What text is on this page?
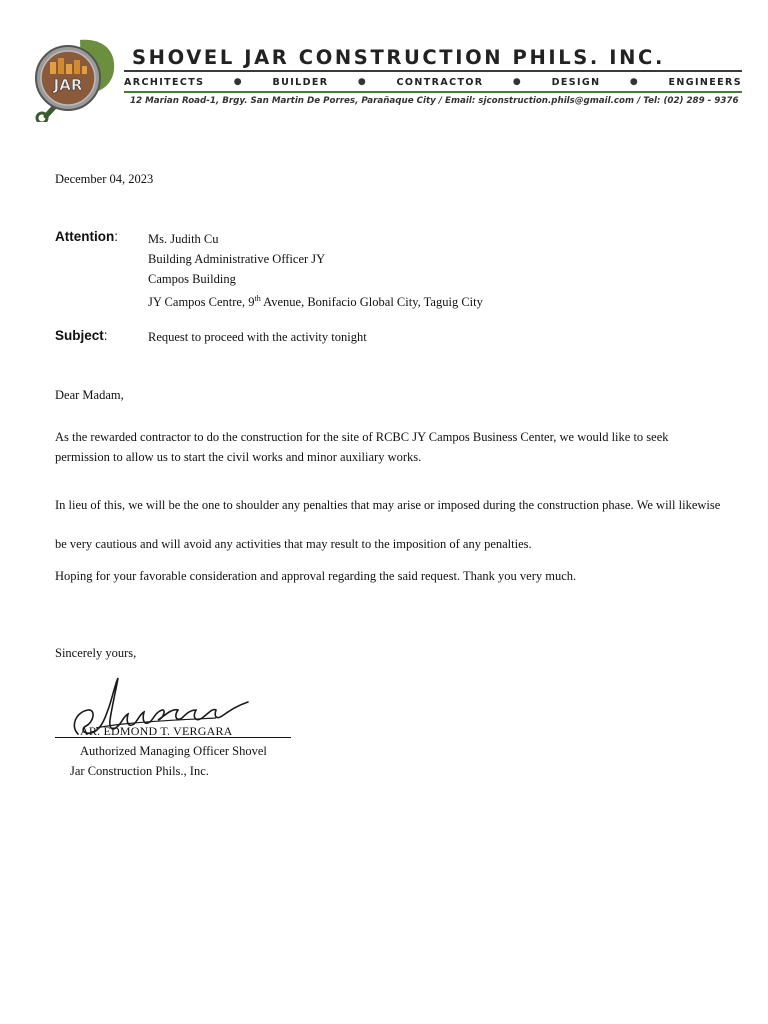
JAR
SHOVEL JAR CONSTRUCTION PHILS. INC.
ARCHITECTS	●	BUILDER	●	CONTRACTOR	●	DESIGN	●	ENGINEERS
12 Marian Road-1, Brgy. San Martin De Porres, Parañaque City / Email: sjconstruction.phils@gmail.com / Tel: (02) 289 - 9376
December 04, 2023
Attention: Ms. Judith Cu
Building Administrative Officer JY
Campos Building
JY Campos Centre, 9th Avenue, Bonifacio Global City, Taguig City
Subject:	Request to proceed with the activity tonight
Dear Madam,
As the rewarded contractor to do the construction for the site of RCBC JY Campos Business Center, we would like to seek permission to allow us to start the civil works and minor auxiliary works.
In lieu of this, we will be the one to shoulder any penalties that may arise or imposed during the construction phase. We will likewise be very cautious and will avoid any activities that may result to the imposition of any penalties.
Hoping for your favorable consideration and approval regarding the said request. Thank you very much.
Sincerely yours,
AR. EDMOND T. VERGARA
Authorized Managing Officer Shovel
Jar Construction Phils., Inc.
